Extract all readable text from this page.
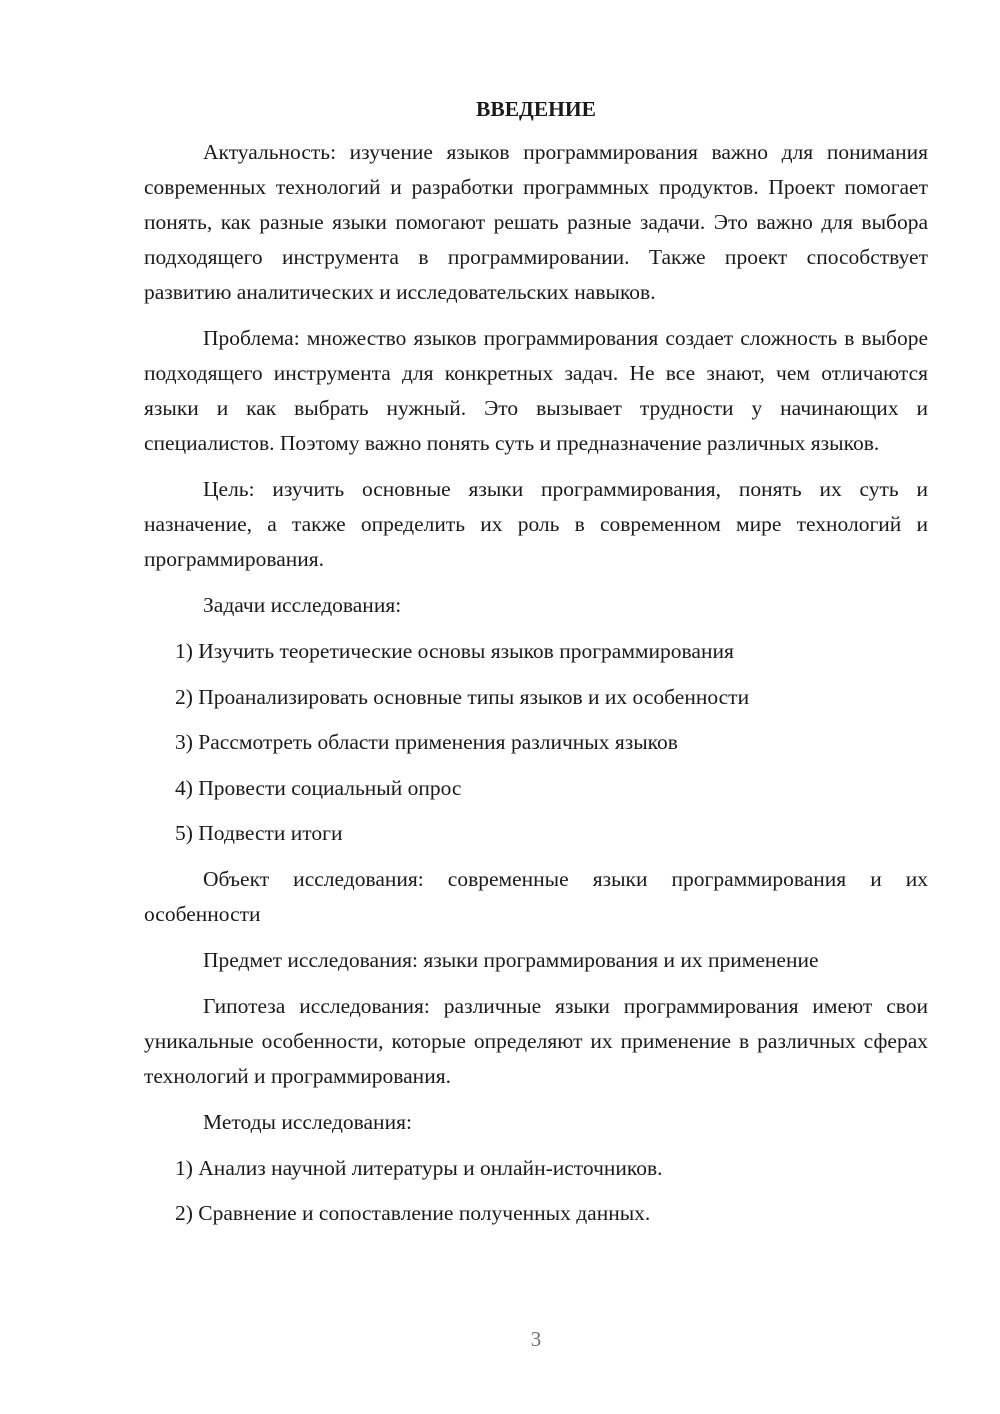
ВВЕДЕНИЕ

Актуальность: изучение языков программирования важно для понимания современных технологий и разработки программных продуктов. Проект помогает понять, как разные языки помогают решать разные задачи. Это важно для выбора подходящего инструмента в программировании. Также проект способствует развитию аналитических и исследовательских навыков.

Проблема: множество языков программирования создает сложность в выборе подходящего инструмента для конкретных задач. Не все знают, чем отличаются языки и как выбрать нужный. Это вызывает трудности у начинающих и специалистов. Поэтому важно понять суть и предназначение различных языков.

Цель: изучить основные языки программирования, понять их суть и назначение, а также определить их роль в современном мире технологий и программирования.

Задачи исследования:

1) Изучить теоретические основы языков программирования
2) Проанализировать основные типы языков и их особенности
3) Рассмотреть области применения различных языков
4) Провести социальный опрос
5) Подвести итоги

Объект исследования: современные языки программирования и их особенности

Предмет исследования: языки программирования и их применение

Гипотеза исследования: различные языки программирования имеют свои уникальные особенности, которые определяют их применение в различных сферах технологий и программирования.

Методы исследования:

1) Анализ научной литературы и онлайн-источников.
2) Сравнение и сопоставление полученных данных.
3
